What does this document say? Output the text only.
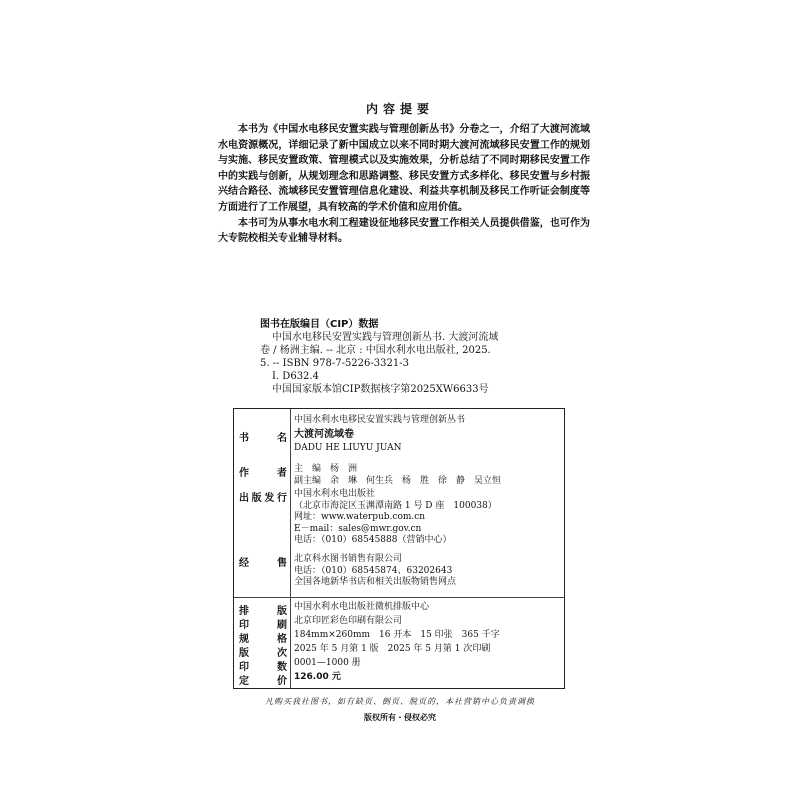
内容提要

本书为《中国水电移民安置实践与管理创新丛书》分卷之一，介绍了大渡河流域水电资源概况，详细记录了新中国成立以来不同时期大渡河流域移民安置工作的规划与实施、移民安置政策、管理模式以及实施效果，分析总结了不同时期移民安置工作中的实践与创新，从规划理念和思路调整、移民安置方式多样化、移民安置与乡村振兴结合路径、流域移民安置管理信息化建设、利益共享机制及移民工作听证会制度等方面进行了工作展望，具有较高的学术价值和应用价值。

本书可为从事水电水利工程建设征地移民安置工作相关人员提供借鉴，也可作为大专院校相关专业辅导材料。

图书在版编目（CIP）数据
中国水电移民安置实践与管理创新丛书. 大渡河流域
卷 / 杨洲主编. -- 北京 : 中国水利水电出版社, 2025.
5. -- ISBN 978-7-5226-3321-3
Ⅰ. D632.4
中国国家版本馆CIP数据核字第2025XW6633号
中国水利水电移民安置实践与管理创新丛书
书	名 大渡河流域卷
DADU HE LIUYU JUAN
作	者 主　编　杨　洲
副主编　余　琳　何生兵　杨　胜　徐　静　吴立恒
出 版 发 行 中国水利水电出版社
（北京市海淀区玉渊潭南路 1 号 D 座　100038）
网址：www.waterpub.com.cn
E－mail：sales@mwr.gov.cn
电话：（010）68545888（营销中心）
经	售 北京科水图书销售有限公司
电话：（010）68545874、63202643
全国各地新华书店和相关出版物销售网点
排	版 中国水利水电出版社微机排版中心
印	刷 北京印匠彩色印刷有限公司
规	格 184mm×260mm　16 开本　15 印张　365 千字
版	次 2025 年 5 月第 1 版　2025 年 5 月第 1 次印刷
印	数 0001—1000 册
定	价 126.00 元
凡购买我社图书，如有缺页、倒页、脱页的，本社营销中心负责调换
版权所有・侵权必究
